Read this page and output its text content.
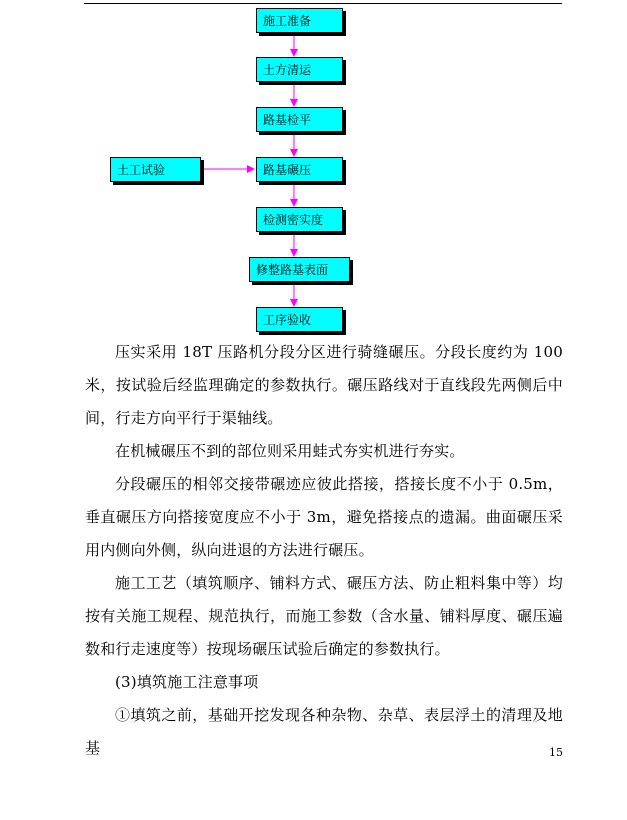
施工准备
土方清运
路基检平
路基碾压
土工试验
检测密实度
修整路基表面
工序验收

压实采用 18T 压路机分段分区进行骑缝碾压。分段长度约为 100 米，按试验后经监理确定的参数执行。碾压路线对于直线段先两侧后中间，行走方向平行于渠轴线。

在机械碾压不到的部位则采用蛙式夯实机进行夯实。

分段碾压的相邻交接带碾迹应彼此搭接，搭接长度不小于 0.5m，垂直碾压方向搭接宽度应不小于 3m，避免搭接点的遗漏。曲面碾压采用内侧向外侧，纵向进退的方法进行碾压。

施工工艺（填筑顺序、铺料方式、碾压方法、防止粗料集中等）均按有关施工规程、规范执行，而施工参数（含水量、铺料厚度、碾压遍数和行走速度等）按现场碾压试验后确定的参数执行。

(3)填筑施工注意事项

①填筑之前，基础开挖发现各种杂物、杂草、表层浮土的清理及地基	15
